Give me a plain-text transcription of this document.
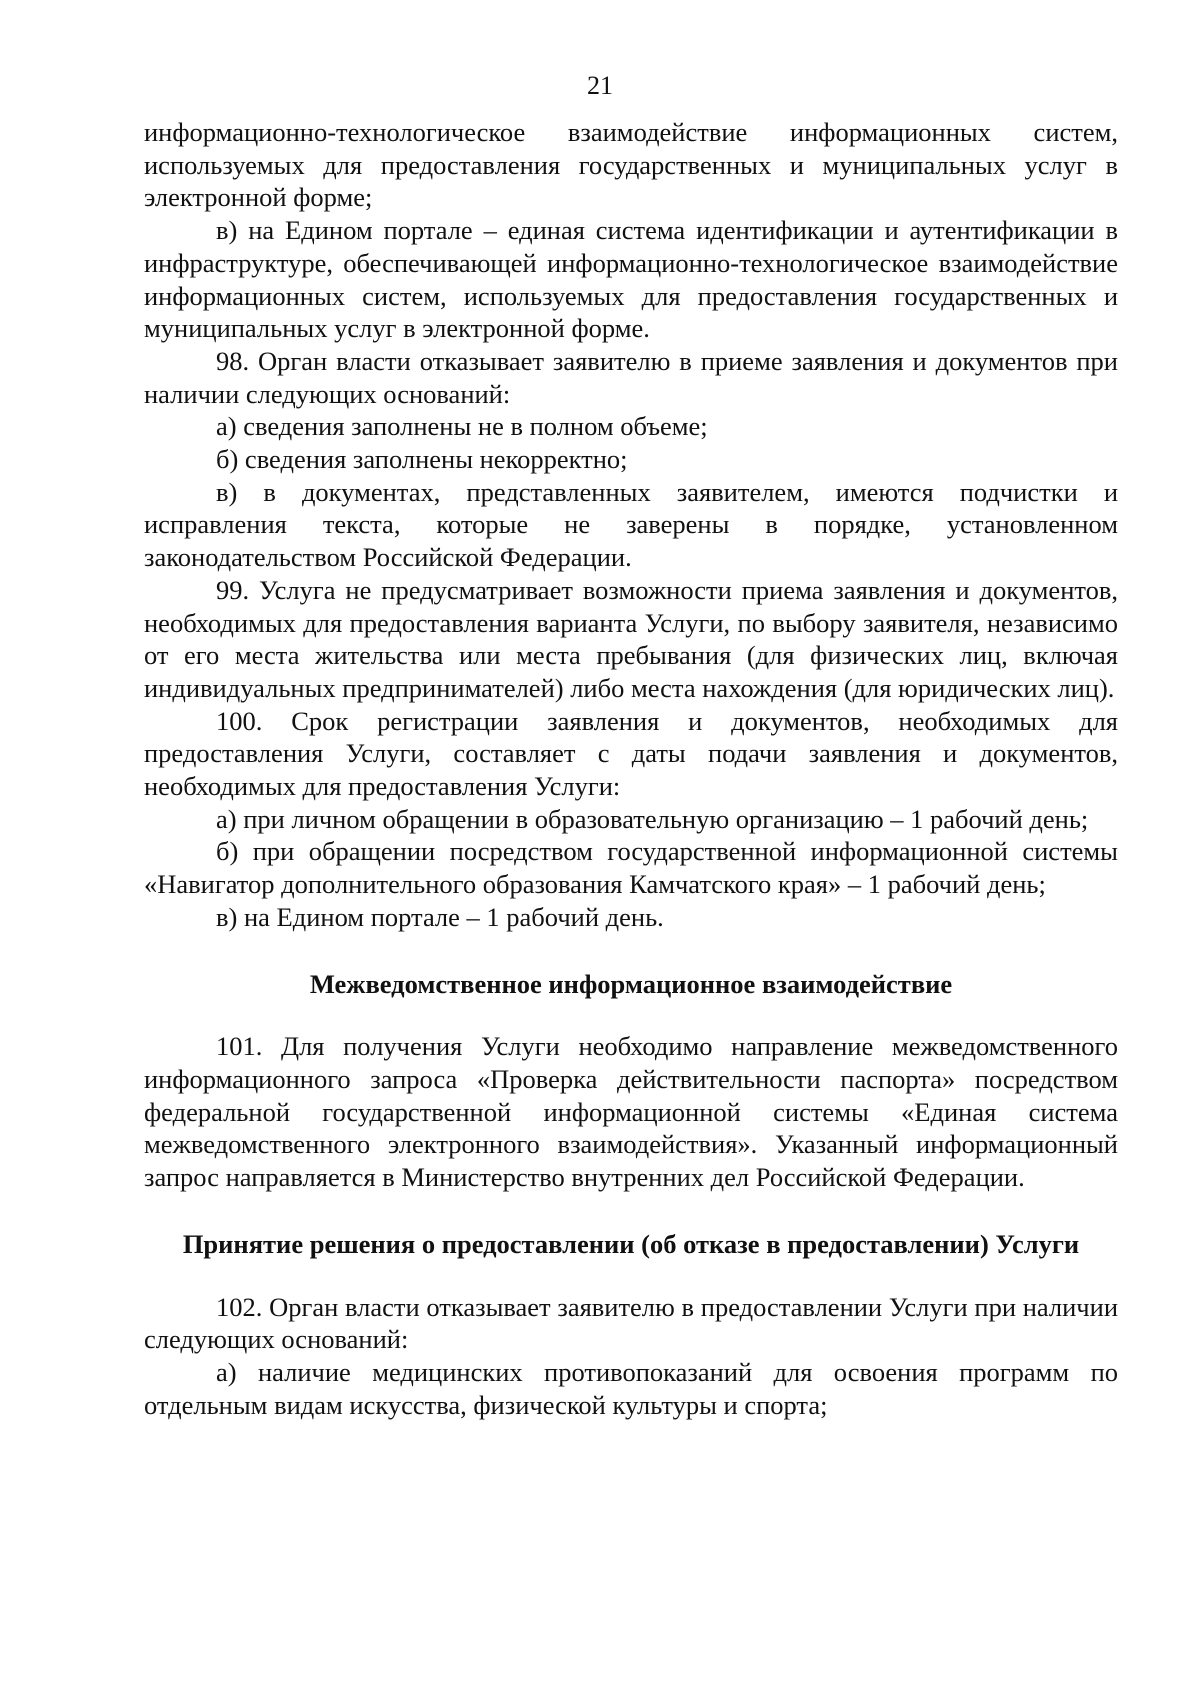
21

информационно-технологическое взаимодействие информационных систем, используемых для предоставления государственных и муниципальных услуг в электронной форме;

в) на Едином портале – единая система идентификации и аутентификации в инфраструктуре, обеспечивающей информационно-технологическое взаимодействие информационных систем, используемых для предоставления государственных и муниципальных услуг в электронной форме.

98. Орган власти отказывает заявителю в приеме заявления и документов при наличии следующих оснований:

а) сведения заполнены не в полном объеме;

б) сведения заполнены некорректно;

в) в документах, представленных заявителем, имеются подчистки и исправления текста, которые не заверены в порядке, установленном законодательством Российской Федерации.

99. Услуга не предусматривает возможности приема заявления и документов, необходимых для предоставления варианта Услуги, по выбору заявителя, независимо от его места жительства или места пребывания (для физических лиц, включая индивидуальных предпринимателей) либо места нахождения (для юридических лиц).

100. Срок регистрации заявления и документов, необходимых для предоставления Услуги, составляет с даты подачи заявления и документов, необходимых для предоставления Услуги:

а) при личном обращении в образовательную организацию – 1 рабочий день;

б) при обращении посредством государственной информационной системы «Навигатор дополнительного образования Камчатского края» – 1 рабочий день;

в) на Едином портале – 1 рабочий день.

Межведомственное информационное взаимодействие

101. Для получения Услуги необходимо направление межведомственного информационного запроса «Проверка действительности паспорта» посредством федеральной государственной информационной системы «Единая система межведомственного электронного взаимодействия». Указанный информационный запрос направляется в Министерство внутренних дел Российской Федерации.

Принятие решения о предоставлении (об отказе в предоставлении) Услуги

102. Орган власти отказывает заявителю в предоставлении Услуги при наличии следующих оснований:

а) наличие медицинских противопоказаний для освоения программ по отдельным видам искусства, физической культуры и спорта;
